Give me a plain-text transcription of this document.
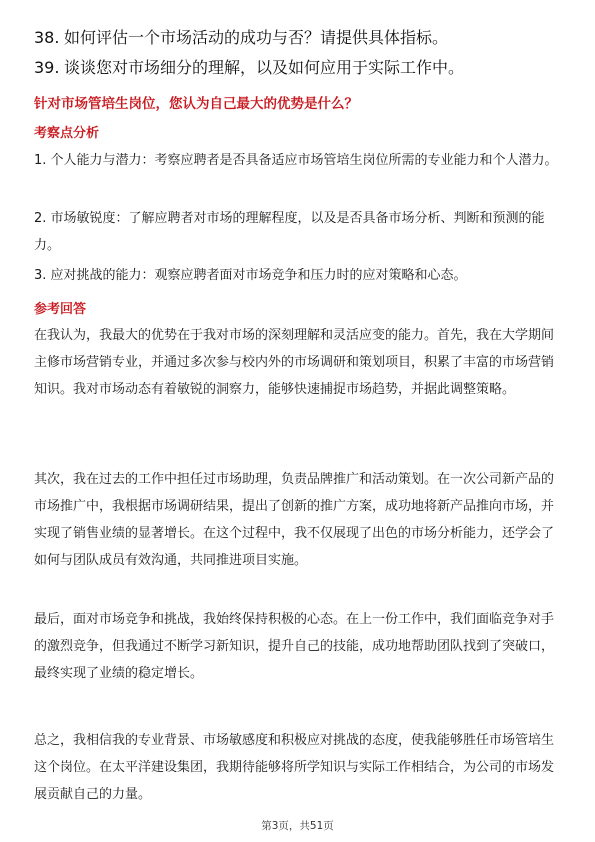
38. 如何评估一个市场活动的成功与否？请提供具体指标。
39. 谈谈您对市场细分的理解，以及如何应用于实际工作中。
针对市场管培生岗位，您认为自己最大的优势是什么？
考察点分析
1. 个人能力与潜力：考察应聘者是否具备适应市场管培生岗位所需的专业能力和个人潜力。
2. 市场敏锐度：了解应聘者对市场的理解程度，以及是否具备市场分析、判断和预测的能力。
3. 应对挑战的能力：观察应聘者面对市场竞争和压力时的应对策略和心态。
参考回答
在我认为，我最大的优势在于我对市场的深刻理解和灵活应变的能力。首先，我在大学期间主修市场营销专业，并通过多次参与校内外的市场调研和策划项目，积累了丰富的市场营销知识。我对市场动态有着敏锐的洞察力，能够快速捕捉市场趋势，并据此调整策略。
其次，我在过去的工作中担任过市场助理，负责品牌推广和活动策划。在一次公司新产品的市场推广中，我根据市场调研结果，提出了创新的推广方案，成功地将新产品推向市场，并实现了销售业绩的显著增长。在这个过程中，我不仅展现了出色的市场分析能力，还学会了如何与团队成员有效沟通，共同推进项目实施。
最后，面对市场竞争和挑战，我始终保持积极的心态。在上一份工作中，我们面临竞争对手的激烈竞争，但我通过不断学习新知识，提升自己的技能，成功地帮助团队找到了突破口，最终实现了业绩的稳定增长。
总之，我相信我的专业背景、市场敏感度和积极应对挑战的态度，使我能够胜任市场管培生这个岗位。在太平洋建设集团，我期待能够将所学知识与实际工作相结合，为公司的市场发展贡献自己的力量。
第3页，共51页
